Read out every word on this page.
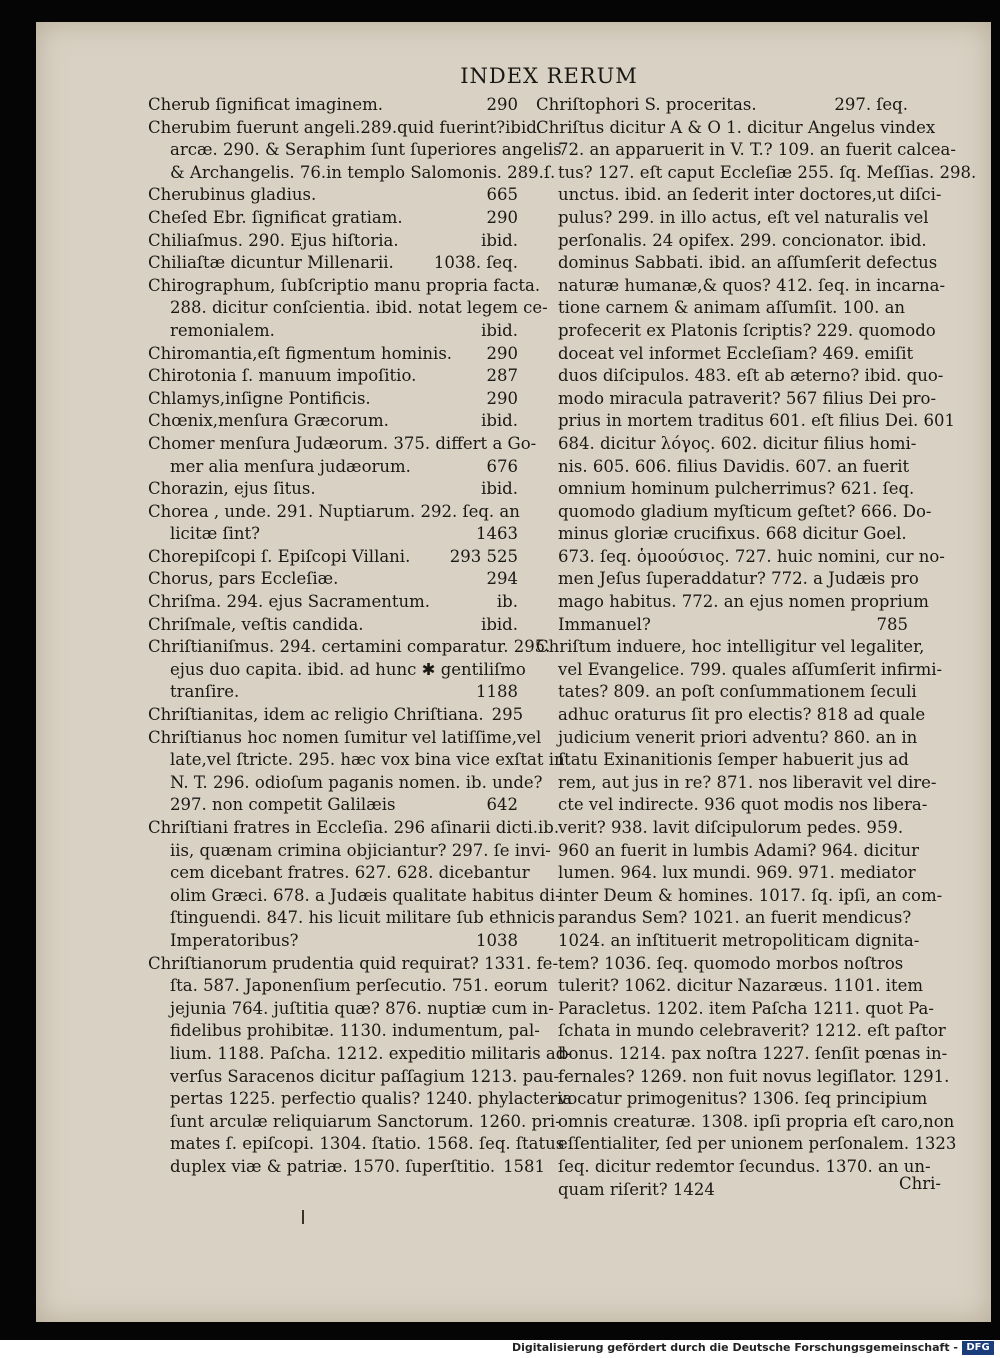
INDEX RERUM
Cherub ſignificat imaginem.	290
Cherubim fuerunt angeli.289.quid fuerint?ibid.
arcæ. 290. & Seraphim ſunt ſuperiores angelis
& Archangelis. 76.in templo Salomonis. 289.ſ.
Cherubinus gladius.	665
Cheſed Ebr. ſignificat gratiam.	290
Chiliaſmus. 290. Ejus hiſtoria.	ibid.
Chiliaſtæ dicuntur Millenarii.	1038. ſeq.
Chirographum, ſubſcriptio manu propria facta.
288. dicitur conſcientia. ibid. notat legem ce-
remonialem.	ibid.
Chiromantia,eſt figmentum hominis.	290
Chirotonia ſ. manuum impoſitio.	287
Chlamys,inſigne Pontificis.	290
Chœnix,menſura Græcorum.	ibid.
Chomer menſura Judæorum. 375. differt a Go-
mer alia menſura judæorum.	676
Chorazin, ejus ſitus.	ibid.
Chorea , unde. 291. Nuptiarum. 292. ſeq. an
licitæ ſint?	1463
Chorepiſcopi ſ. Epiſcopi Villani.	293 525
Chorus, pars Eccleſiæ.	294
Chriſma. 294. ejus Sacramentum.	ib.
Chriſmale, veſtis candida.	ibid.
Chriſtianiſmus. 294. certamini comparatur. 295.
ejus duo capita. ibid. ad hunc ✱ gentiliſmo
tranſire.	1188
Chriſtianitas, idem ac religio Chriſtiana. 295
Chriſtianus hoc nomen ſumitur vel latiſſime,vel
late,vel ſtricte. 295. hæc vox bina vice exſtat in
N. T. 296. odioſum paganis nomen. ib. unde?
297. non competit Galilæis	642
Chriſtiani fratres in Eccleſia. 296 aſinarii dicti.ib.
iis, quænam crimina objiciantur? 297. ſe invi-
cem dicebant fratres. 627. 628. dicebantur
olim Græci. 678. a Judæis qualitate habitus di-
ſtinguendi. 847. his licuit militare ſub ethnicis
Imperatoribus?	1038
Chriſtianorum prudentia quid requirat? 1331. fe-
ſta. 587. Japonenſium perſecutio. 751. eorum
jejunia 764. juſtitia quæ? 876. nuptiæ cum in-
fidelibus prohibitæ. 1130. indumentum, pal-
lium. 1188. Paſcha. 1212. expeditio militaris ad-
verſus Saracenos dicitur paſſagium 1213. pau-
pertas 1225. perfectio qualis? 1240. phylacteria
ſunt arculæ reliquiarum Sanctorum. 1260. pri-
mates ſ. epiſcopi. 1304. ſtatio. 1568. ſeq. ſtatus
duplex viæ & patriæ. 1570. ſuperſtitio. 1581
Chriſtophori S. proceritas.	297. ſeq.
Chriſtus dicitur A & O 1. dicitur Angelus vindex
72. an apparuerit in V. T.? 109. an fuerit calcea-
tus? 127. eſt caput Eccleſiæ 255. ſq. Meſſias. 298.
unctus. ibid. an ſederit inter doctores,ut diſci-
pulus? 299. in illo actus, eſt vel naturalis vel
perſonalis. 24 opifex. 299. concionator. ibid.
dominus Sabbati. ibid. an aſſumſerit defectus
naturæ humanæ,& quos? 412. ſeq. in incarna-
tione carnem & animam aſſumſit. 100. an
profecerit ex Platonis ſcriptis? 229. quomodo
doceat vel informet Eccleſiam? 469. emiſit
duos diſcipulos. 483. eſt ab æterno? ibid. quo-
modo miracula patraverit? 567 filius Dei pro-
prius in mortem traditus 601. eſt filius Dei. 601
684. dicitur λόγος. 602. dicitur filius homi-
nis. 605. 606. filius Davidis. 607. an fuerit
omnium hominum pulcherrimus? 621. ſeq.
quomodo gladium myſticum geſtet? 666. Do-
minus gloriæ crucifixus. 668 dicitur Goel.
673. ſeq. ὁμοούσιος. 727. huic nomini, cur no-
men Jeſus ſuperaddatur? 772. a Judæis pro
mago habitus. 772. an ejus nomen proprium
Immanuel?	785
Chriſtum induere, hoc intelligitur vel legaliter,
vel Evangelice. 799. quales aſſumſerit infirmi-
tates? 809. an poſt conſummationem ſeculi
adhuc oraturus ſit pro electis? 818 ad quale
judicium venerit priori adventu? 860. an in
ſtatu Exinanitionis ſemper habuerit jus ad
rem, aut jus in re? 871. nos liberavit vel dire-
cte vel indirecte. 936 quot modis nos libera-
verit? 938. lavit diſcipulorum pedes. 959.
960 an fuerit in lumbis Adami? 964. dicitur
lumen. 964. lux mundi. 969. 971. mediator
inter Deum & homines. 1017. ſq. ipſi, an com-
parandus Sem? 1021. an fuerit mendicus?
1024. an inſtituerit metropoliticam dignita-
tem? 1036. ſeq. quomodo morbos noſtros
tulerit? 1062. dicitur Nazaræus. 1101. item
Paracletus. 1202. item Paſcha 1211. quot Pa-
ſchata in mundo celebraverit? 1212. eſt paſtor
bonus. 1214. pax noſtra 1227. ſenſit pœnas in-
fernales? 1269. non fuit novus legiſlator. 1291.
vocatur primogenitus? 1306. ſeq principium
omnis creaturæ. 1308. ipſi propria eſt caro,non
eſſentialiter, ſed per unionem perſonalem. 1323
ſeq. dicitur redemtor ſecundus. 1370. an un-
quam riſerit? 1424	Chri-
Digitalisierung gefördert durch die Deutsche Forschungsgemeinschaft - DFG
